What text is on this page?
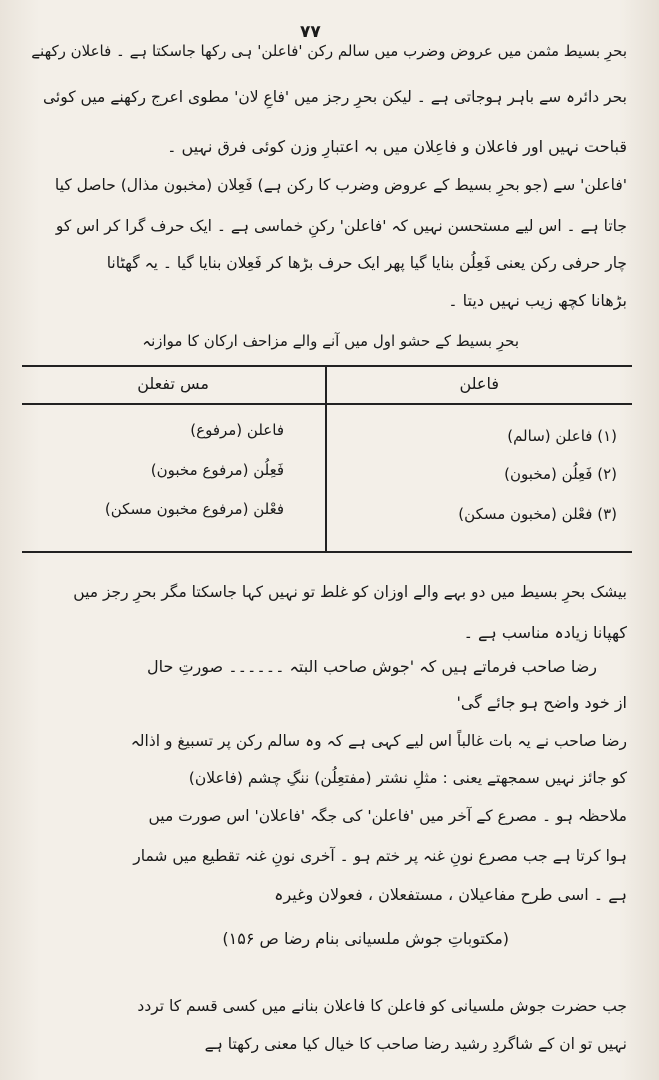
۷۷
بحرِ بسیط مثمن میں عروض وضرب میں سالم رکن 'فاعلن' ہی رکھا جاسکتا ہے ۔ فاعلان رکھنے
بحر دائرہ سے باہر ہوجاتی ہے ۔ لیکن بحرِ رجز میں 'فاعِ لان' مطوی اعرج رکھنے میں کوئی
قباحت نہیں اور فاعلان و فاعِلان میں بہ اعتبارِ وزن کوئی فرق نہیں ۔
'فاعلن' سے (جو بحرِ بسیط کے عروض وضرب کا رکن ہے) فَعِلان (مخبون مذال) حاصل کیا
جاتا ہے ۔ اس لیے مستحسن نہیں کہ 'فاعلن' رکنِ خماسی ہے ۔ ایک حرف گرا کر اس کو
چار حرفی رکن یعنی فَعِلُن بنایا گیا پھر ایک حرف بڑھا کر فَعِلان بنایا گیا ۔ یہ گھٹانا
بڑھانا کچھ زیب نہیں دیتا ۔
بحرِ بسیط کے حشو اول میں آنے والے مزاحف ارکان کا موازنہ
فاعلن
مس تفعلن
(۱) فاعلن (سالم)
(۲) فَعِلُن (مخبون)
(۳) فعْلن (مخبون مسکن)
فاعلن (مرفوع)
فَعِلُن (مرفوع مخبون)
فعْلن (مرفوع مخبون مسکن)
بیشک بحرِ بسیط میں دو بہے والے اوزان کو غلط تو نہیں کہا جاسکتا مگر بحرِ رجز میں
کھپانا زیادہ مناسب ہے ۔
رضا صاحب فرماتے ہیں کہ 'جوش صاحب البتہ ۔۔۔۔۔۔ صورتِ حال
از خود واضح ہو جائے گی'
رضا صاحب نے یہ بات غالباً اس لیے کہی ہے کہ وہ سالم رکن پر تسبیغ و اذالہ
کو جائز نہیں سمجھتے یعنی : مثلِ نشتر (مفتعِلُن) ننگِ چشم (فاعلان)
ملاحظہ ہو ۔ مصرع کے آخر میں 'فاعلن' کی جگہ 'فاعلان' اس صورت میں
ہوا کرتا ہے جب مصرع نونِ غنہ پر ختم ہو ۔ آخری نونِ غنہ تقطیع میں شمار
ہے ۔ اسی طرح مفاعیلان ، مستفعلان ، فعولان وغیرہ
(مکتوباتِ جوش ملسیانی بنام رضا ص ۱۵۶)
جب حضرت جوش ملسیانی کو فاعلن کا فاعلان بنانے میں کسی قسم کا تردد
نہیں تو ان کے شاگردِ رشید رضا صاحب کا خیال کیا معنی رکھتا ہے
